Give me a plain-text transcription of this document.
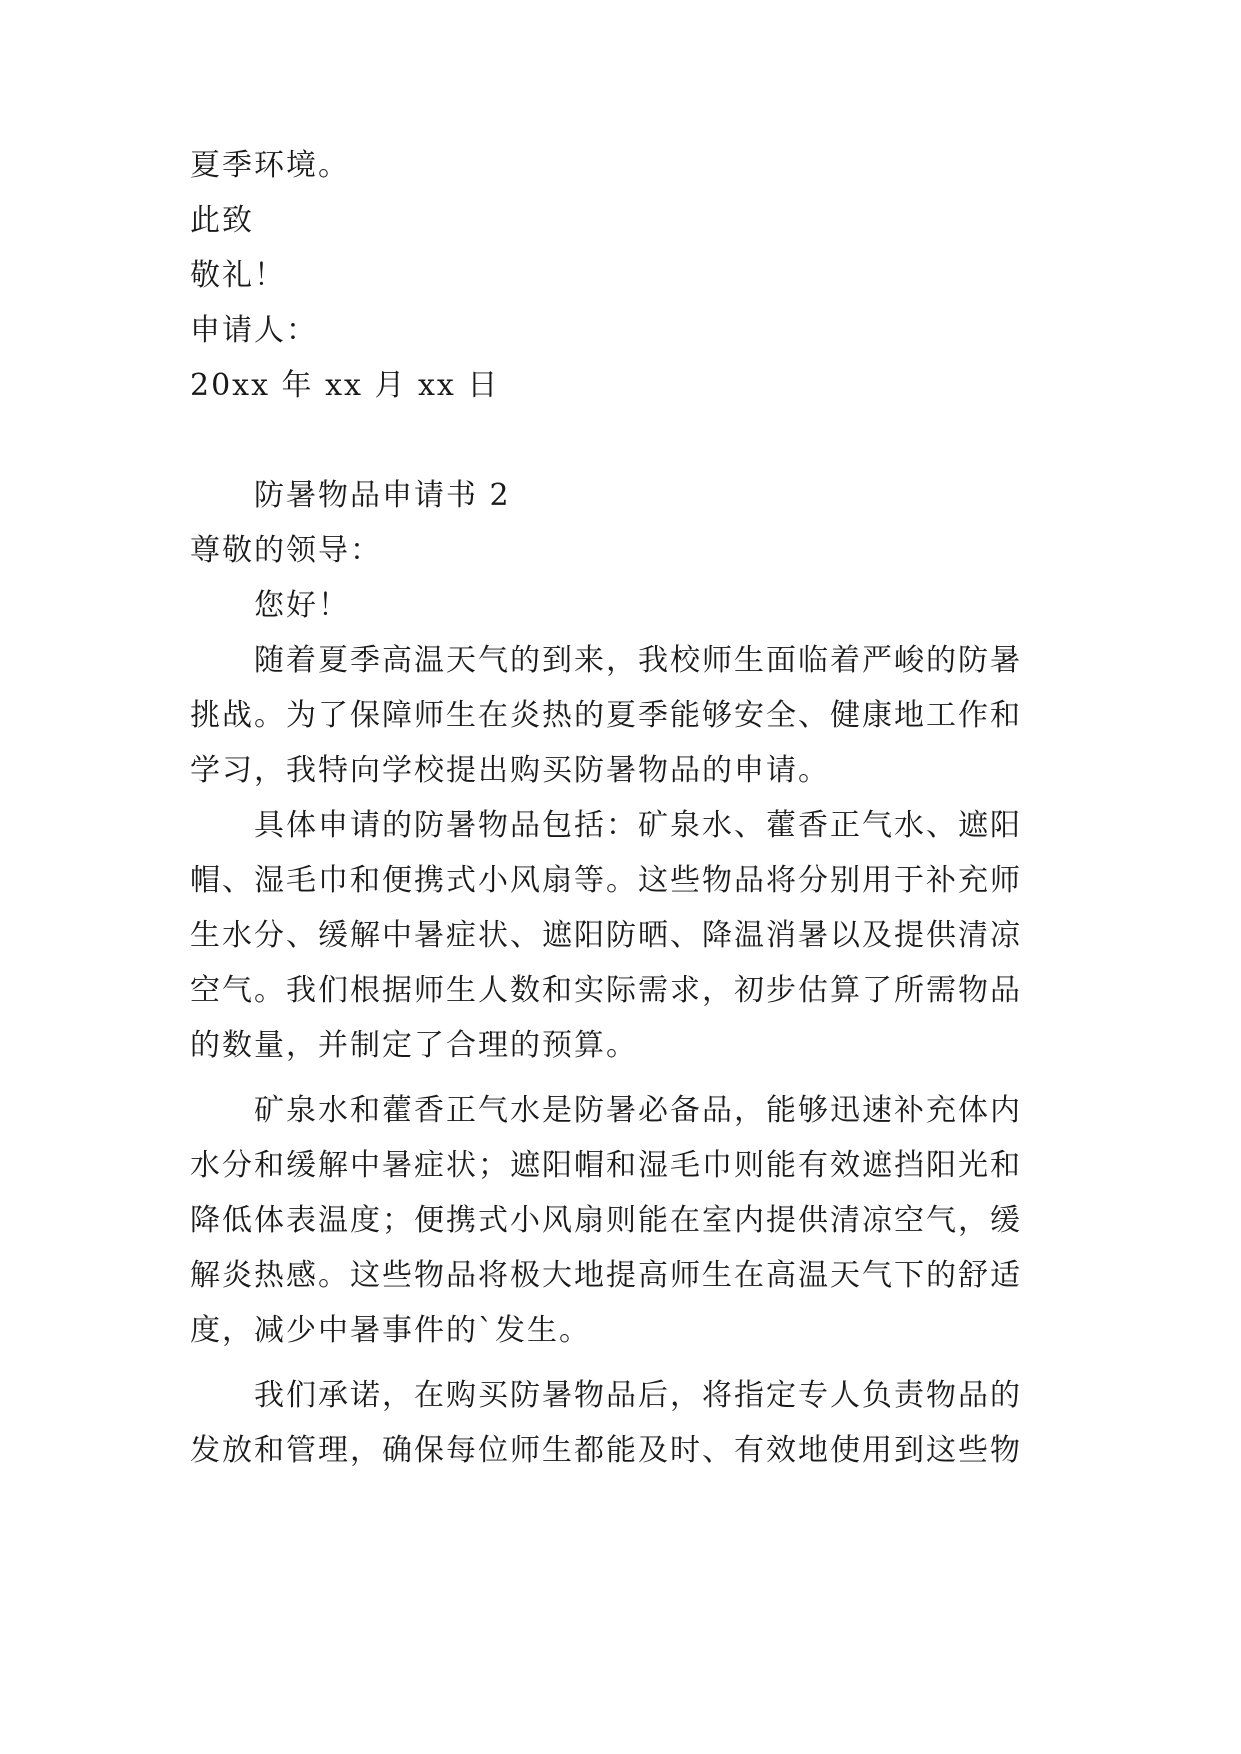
夏季环境。
此致
敬礼！
申请人：
20xx 年 xx 月 xx 日
防暑物品申请书 2
尊敬的领导：
您好！
随着夏季高温天气的到来，我校师生面临着严峻的防暑
挑战。为了保障师生在炎热的夏季能够安全、健康地工作和
学习，我特向学校提出购买防暑物品的申请。
具体申请的防暑物品包括：矿泉水、藿香正气水、遮阳
帽、湿毛巾和便携式小风扇等。这些物品将分别用于补充师
生水分、缓解中暑症状、遮阳防晒、降温消暑以及提供清凉
空气。我们根据师生人数和实际需求，初步估算了所需物品
的数量，并制定了合理的预算。
矿泉水和藿香正气水是防暑必备品，能够迅速补充体内
水分和缓解中暑症状；遮阳帽和湿毛巾则能有效遮挡阳光和
降低体表温度；便携式小风扇则能在室内提供清凉空气，缓
解炎热感。这些物品将极大地提高师生在高温天气下的舒适
度，减少中暑事件的`发生。
我们承诺，在购买防暑物品后，将指定专人负责物品的
发放和管理，确保每位师生都能及时、有效地使用到这些物
